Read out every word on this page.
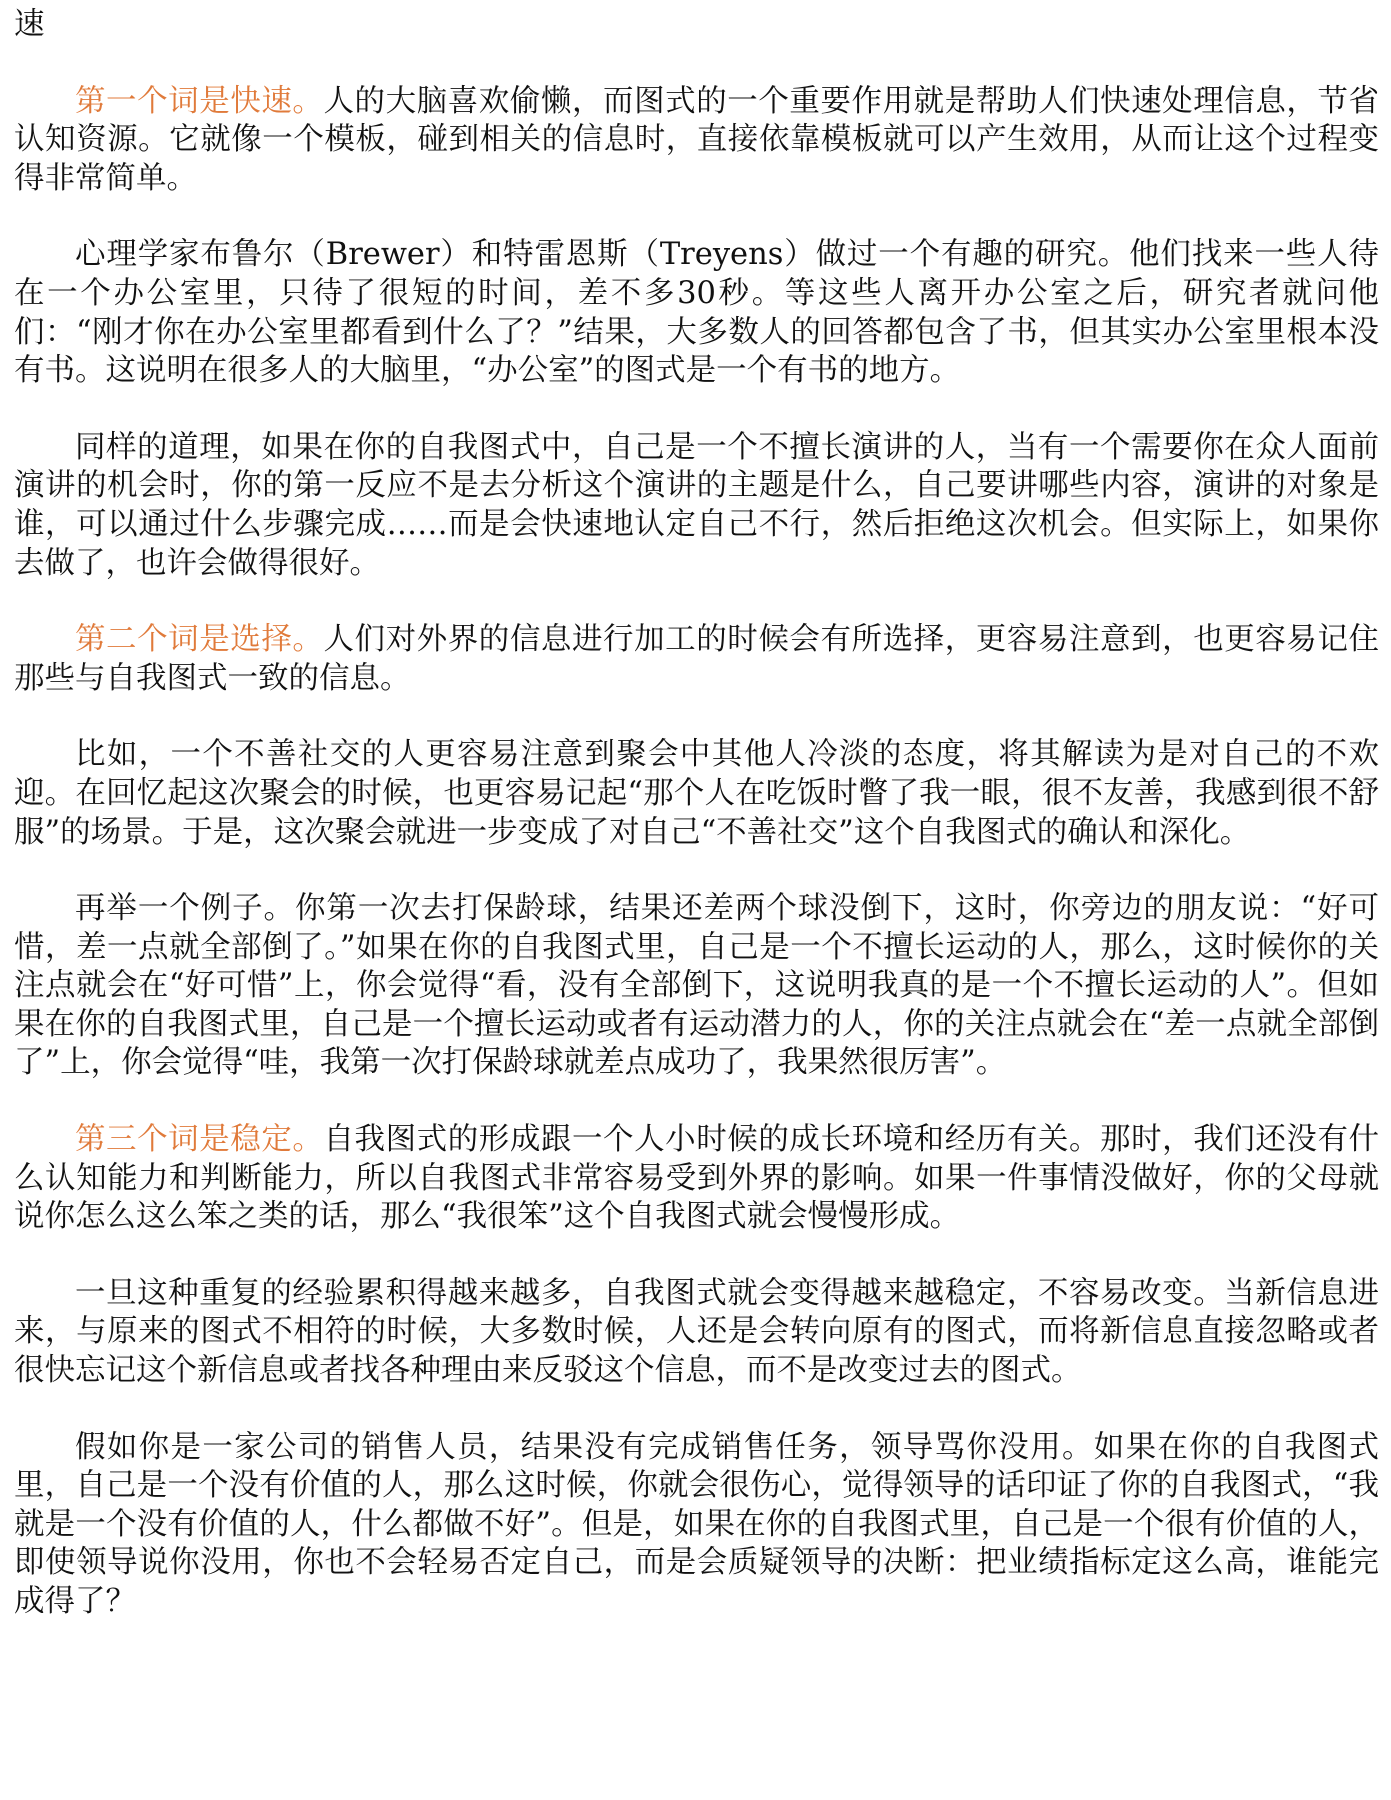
速

第一个词是快速。人的大脑喜欢偷懒，而图式的一个重要作用就是帮助人们快速处理信息，节省认知资源。它就像一个模板，碰到相关的信息时，直接依靠模板就可以产生效用，从而让这个过程变得非常简单。

心理学家布鲁尔（Brewer）和特雷恩斯（Treyens）做过一个有趣的研究。他们找来一些人待在一个办公室里，只待了很短的时间，差不多30秒。等这些人离开办公室之后，研究者就问他们：“刚才你在办公室里都看到什么了？”结果，大多数人的回答都包含了书，但其实办公室里根本没有书。这说明在很多人的大脑里，“办公室”的图式是一个有书的地方。

同样的道理，如果在你的自我图式中，自己是一个不擅长演讲的人，当有一个需要你在众人面前演讲的机会时，你的第一反应不是去分析这个演讲的主题是什么，自己要讲哪些内容，演讲的对象是谁，可以通过什么步骤完成……而是会快速地认定自己不行，然后拒绝这次机会。但实际上，如果你去做了，也许会做得很好。

第二个词是选择。人们对外界的信息进行加工的时候会有所选择，更容易注意到，也更容易记住那些与自我图式一致的信息。

比如，一个不善社交的人更容易注意到聚会中其他人冷淡的态度，将其解读为是对自己的不欢迎。在回忆起这次聚会的时候，也更容易记起“那个人在吃饭时瞥了我一眼，很不友善，我感到很不舒服”的场景。于是，这次聚会就进一步变成了对自己“不善社交”这个自我图式的确认和深化。

再举一个例子。你第一次去打保龄球，结果还差两个球没倒下，这时，你旁边的朋友说：“好可惜，差一点就全部倒了。”如果在你的自我图式里，自己是一个不擅长运动的人，那么，这时候你的关注点就会在“好可惜”上，你会觉得“看，没有全部倒下，这说明我真的是一个不擅长运动的人”。但如果在你的自我图式里，自己是一个擅长运动或者有运动潜力的人，你的关注点就会在“差一点就全部倒了”上，你会觉得“哇，我第一次打保龄球就差点成功了，我果然很厉害”。

第三个词是稳定。自我图式的形成跟一个人小时候的成长环境和经历有关。那时，我们还没有什么认知能力和判断能力，所以自我图式非常容易受到外界的影响。如果一件事情没做好，你的父母就说你怎么这么笨之类的话，那么“我很笨”这个自我图式就会慢慢形成。

一旦这种重复的经验累积得越来越多，自我图式就会变得越来越稳定，不容易改变。当新信息进来，与原来的图式不相符的时候，大多数时候，人还是会转向原有的图式，而将新信息直接忽略或者很快忘记这个新信息或者找各种理由来反驳这个信息，而不是改变过去的图式。

假如你是一家公司的销售人员，结果没有完成销售任务，领导骂你没用。如果在你的自我图式里，自己是一个没有价值的人，那么这时候，你就会很伤心，觉得领导的话印证了你的自我图式，“我就是一个没有价值的人，什么都做不好”。但是，如果在你的自我图式里，自己是一个很有价值的人，即使领导说你没用，你也不会轻易否定自己，而是会质疑领导的决断：把业绩指标定这么高，谁能完成得了？
